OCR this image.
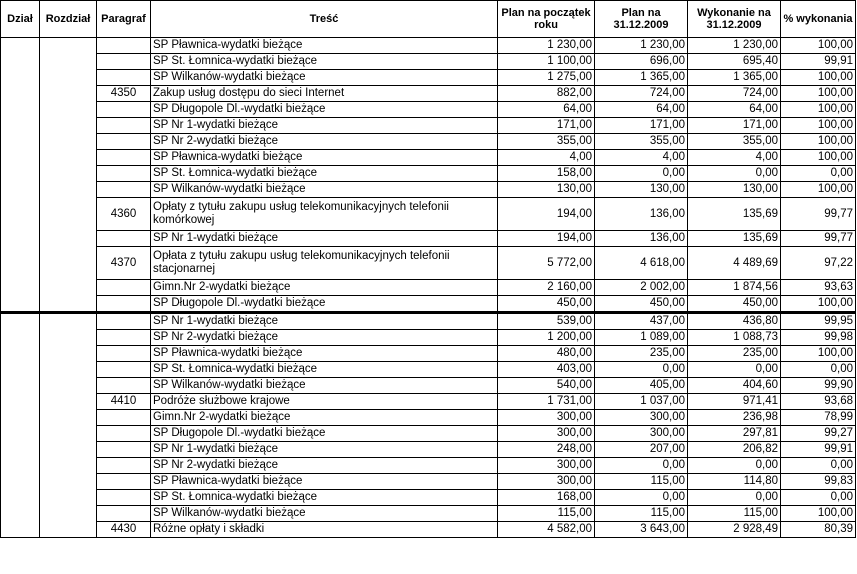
Dział	Rozdział	Paragraf	Treść	Plan na początek roku	Plan na 31.12.2009	Wykonanie na 31.12.2009	% wykonania
			SP Pławnica-wydatki bieżące	1 230,00	1 230,00	1 230,00	100,00
			SP St. Łomnica-wydatki bieżące	1 100,00	696,00	695,40	99,91
			SP Wilkanów-wydatki bieżące	1 275,00	1 365,00	1 365,00	100,00
		4350	Zakup usług dostępu do sieci Internet	882,00	724,00	724,00	100,00
			SP Długopole Dl.-wydatki bieżące	64,00	64,00	64,00	100,00
			SP Nr 1-wydatki bieżące	171,00	171,00	171,00	100,00
			SP Nr 2-wydatki bieżące	355,00	355,00	355,00	100,00
			SP Pławnica-wydatki bieżące	4,00	4,00	4,00	100,00
			SP St. Łomnica-wydatki bieżące	158,00	0,00	0,00	0,00
			SP Wilkanów-wydatki bieżące	130,00	130,00	130,00	100,00
		4360	Opłaty z tytułu zakupu usług telekomunikacyjnych telefonii komórkowej	194,00	136,00	135,69	99,77
			SP Nr 1-wydatki bieżące	194,00	136,00	135,69	99,77
		4370	Opłata z tytułu zakupu usług telekomunikacyjnych telefonii stacjonarnej	5 772,00	4 618,00	4 489,69	97,22
			Gimn.Nr 2-wydatki bieżące	2 160,00	2 002,00	1 874,56	93,63
			SP Długopole Dl.-wydatki bieżące	450,00	450,00	450,00	100,00
			SP Nr 1-wydatki bieżące	539,00	437,00	436,80	99,95
			SP Nr 2-wydatki bieżące	1 200,00	1 089,00	1 088,73	99,98
			SP Pławnica-wydatki bieżące	480,00	235,00	235,00	100,00
			SP St. Łomnica-wydatki bieżące	403,00	0,00	0,00	0,00
			SP Wilkanów-wydatki bieżące	540,00	405,00	404,60	99,90
		4410	Podróże służbowe krajowe	1 731,00	1 037,00	971,41	93,68
			Gimn.Nr 2-wydatki bieżące	300,00	300,00	236,98	78,99
			SP Długopole Dl.-wydatki bieżące	300,00	300,00	297,81	99,27
			SP Nr 1-wydatki bieżące	248,00	207,00	206,82	99,91
			SP Nr 2-wydatki bieżące	300,00	0,00	0,00	0,00
			SP Pławnica-wydatki bieżące	300,00	115,00	114,80	99,83
			SP St. Łomnica-wydatki bieżące	168,00	0,00	0,00	0,00
			SP Wilkanów-wydatki bieżące	115,00	115,00	115,00	100,00
		4430	Różne opłaty i składki	4 582,00	3 643,00	2 928,49	80,39
